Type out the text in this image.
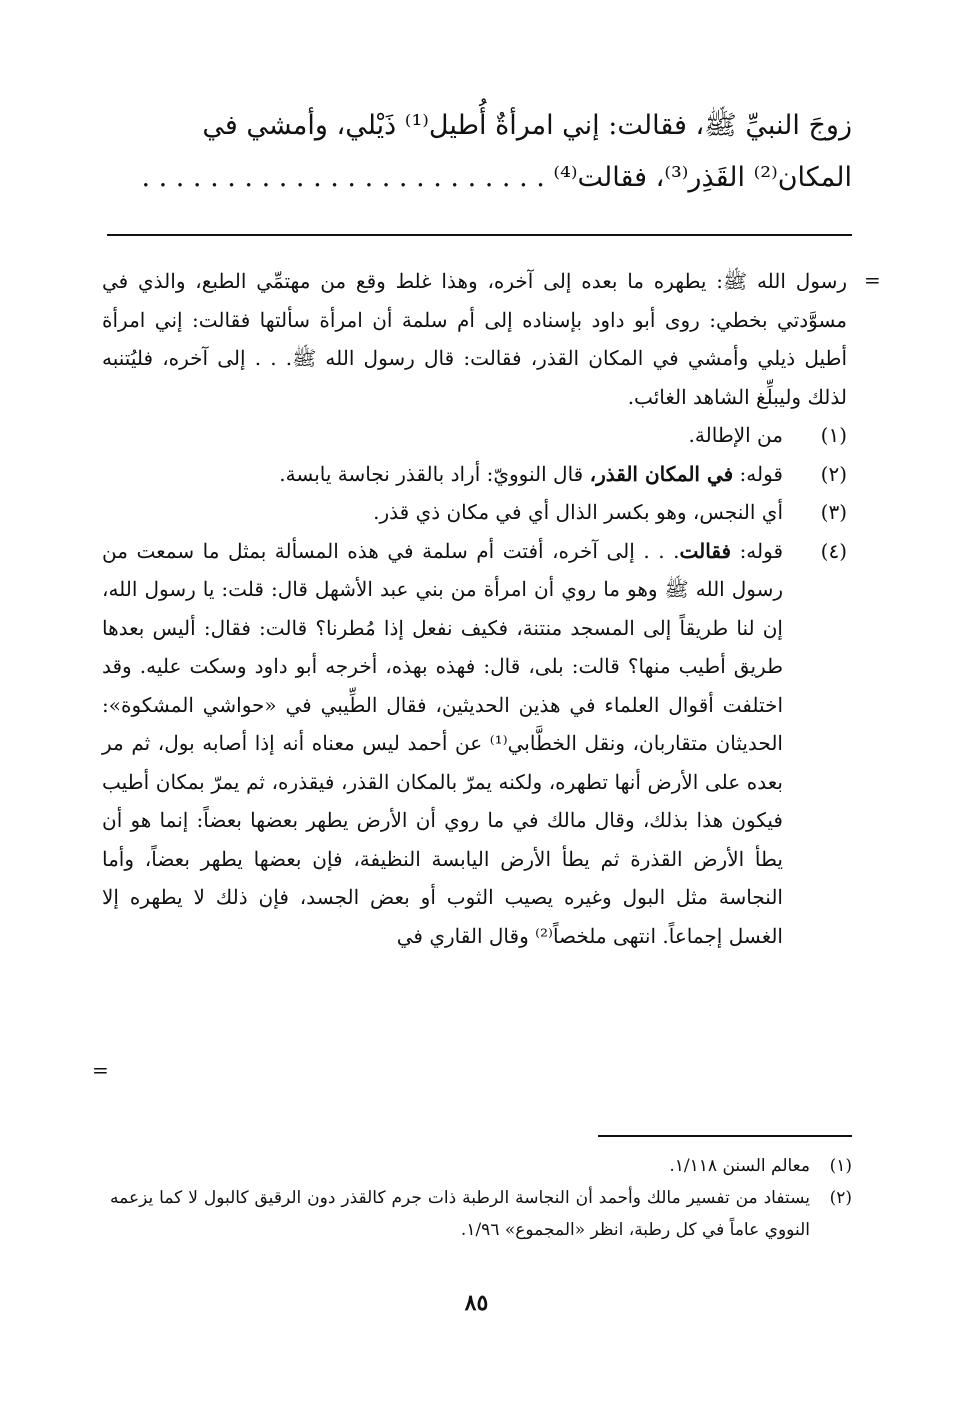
زوجَ النبيِّ ﷺ، فقالت: إني امرأةٌ أُطيل⁽¹⁾ ذَيْلي، وأمشي في
المكان⁽²⁾ القَذِر⁽³⁾، فقالت⁽⁴⁾ . . . . . . . . . . . . . . . . . . . . . . . .
=

رسول الله ﷺ: يطهره ما بعده إلى آخره، وهذا غلط وقع من مهتمِّي الطبع، والذي في مسوَّدتي بخطي: روى أبو داود بإسناده إلى أم سلمة أن امرأة سألتها فقالت: إني امرأة أطيل ذيلي وأمشي في المكان القذر، فقالت: قال رسول الله ﷺ. . . إلى آخره، فليُتنبه لذلك وليبلِّغ الشاهد الغائب.

(١)
من الإطالة.
(٢)
قوله: في المكان القذر، قال النوويّ: أراد بالقذر نجاسة يابسة.
(٣)
أي النجس، وهو بكسر الذال أي في مكان ذي قذر.
(٤)
قوله: فقالت. . . إلى آخره، أفتت أم سلمة في هذه المسألة بمثل ما سمعت من رسول الله ﷺ وهو ما روي أن امرأة من بني عبد الأشهل قال: قلت: يا رسول الله، إن لنا طريقاً إلى المسجد منتنة، فكيف نفعل إذا مُطرنا؟ قالت: فقال: أليس بعدها طريق أطيب منها؟ قالت: بلى، قال: فهذه بهذه، أخرجه أبو داود وسكت عليه. وقد اختلفت أقوال العلماء في هذين الحديثين، فقال الطِّيبي في «حواشي المشكوة»: الحديثان متقاربان، ونقل الخطَّابي⁽¹⁾ عن أحمد ليس معناه أنه إذا أصابه بول، ثم مر بعده على الأرض أنها تطهره، ولكنه يمرّ بالمكان القذر، فيقذره، ثم يمرّ بمكان أطيب فيكون هذا بذلك، وقال مالك في ما روي أن الأرض يطهر بعضها بعضاً: إنما هو أن يطأ الأرض القذرة ثم يطأ الأرض اليابسة النظيفة، فإن بعضها يطهر بعضاً، وأما النجاسة مثل البول وغيره يصيب الثوب أو بعض الجسد، فإن ذلك لا يطهره إلا الغسل إجماعاً. انتهى ملخصاً⁽²⁾ وقال القاري في
=
(١)
معالم السنن ١/١١٨.
(٢)
يستفاد من تفسير مالك وأحمد أن النجاسة الرطبة ذات جرم كالقذر دون الرقيق كالبول لا كما يزعمه النووي عاماً في كل رطبة، انظر «المجموع» ١/٩٦.
٨٥
